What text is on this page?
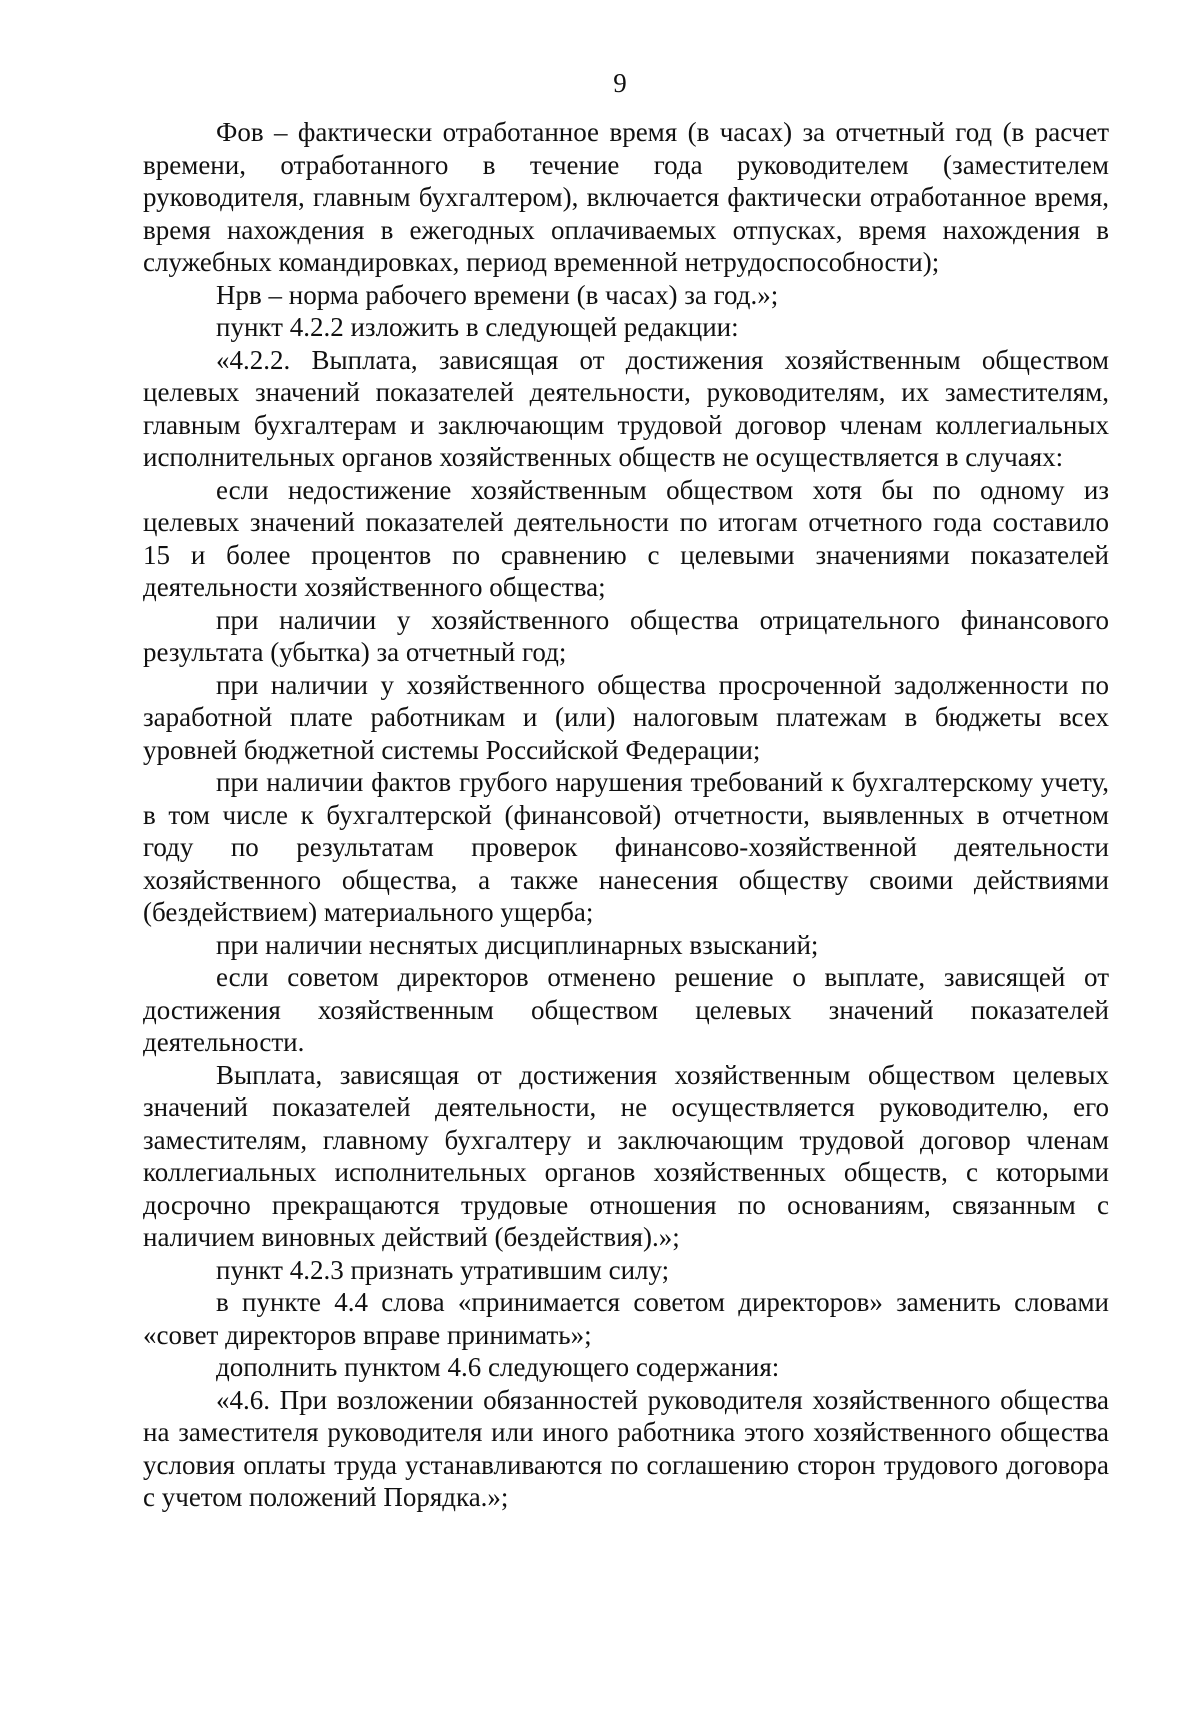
9

Фов – фактически отработанное время (в часах) за отчетный год (в расчет времени, отработанного в течение года руководителем (заместителем руководителя, главным бухгалтером), включается фактически отработанное время, время нахождения в ежегодных оплачиваемых отпусках, время нахождения в служебных командировках, период временной нетрудоспособности);

Нрв – норма рабочего времени (в часах) за год.»;

пункт 4.2.2 изложить в следующей редакции:

«4.2.2. Выплата, зависящая от достижения хозяйственным обществом целевых значений показателей деятельности, руководителям, их заместителям, главным бухгалтерам и заключающим трудовой договор членам коллегиальных исполнительных органов хозяйственных обществ не осуществляется в случаях:

если недостижение хозяйственным обществом хотя бы по одному из целевых значений показателей деятельности по итогам отчетного года составило 15 и более процентов по сравнению с целевыми значениями показателей деятельности хозяйственного общества;

при наличии у хозяйственного общества отрицательного финансового результата (убытка) за отчетный год;

при наличии у хозяйственного общества просроченной задолженности по заработной плате работникам и (или) налоговым платежам в бюджеты всех уровней бюджетной системы Российской Федерации;

при наличии фактов грубого нарушения требований к бухгалтерскому учету, в том числе к бухгалтерской (финансовой) отчетности, выявленных в отчетном году по результатам проверок финансово-хозяйственной деятельности хозяйственного общества, а также нанесения обществу своими действиями (бездействием) материального ущерба;

при наличии неснятых дисциплинарных взысканий;

если советом директоров отменено решение о выплате, зависящей от достижения хозяйственным обществом целевых значений показателей деятельности.

Выплата, зависящая от достижения хозяйственным обществом целевых значений показателей деятельности, не осуществляется руководителю, его заместителям, главному бухгалтеру и заключающим трудовой договор членам коллегиальных исполнительных органов хозяйственных обществ, с которыми досрочно прекращаются трудовые отношения по основаниям, связанным с наличием виновных действий (бездействия).»;

пункт 4.2.3 признать утратившим силу;

в пункте 4.4 слова «принимается советом директоров» заменить словами «совет директоров вправе принимать»;

дополнить пунктом 4.6 следующего содержания:

«4.6. При возложении обязанностей руководителя хозяйственного общества на заместителя руководителя или иного работника этого хозяйственного общества условия оплаты труда устанавливаются по соглашению сторон трудового договора с учетом положений Порядка.»;
